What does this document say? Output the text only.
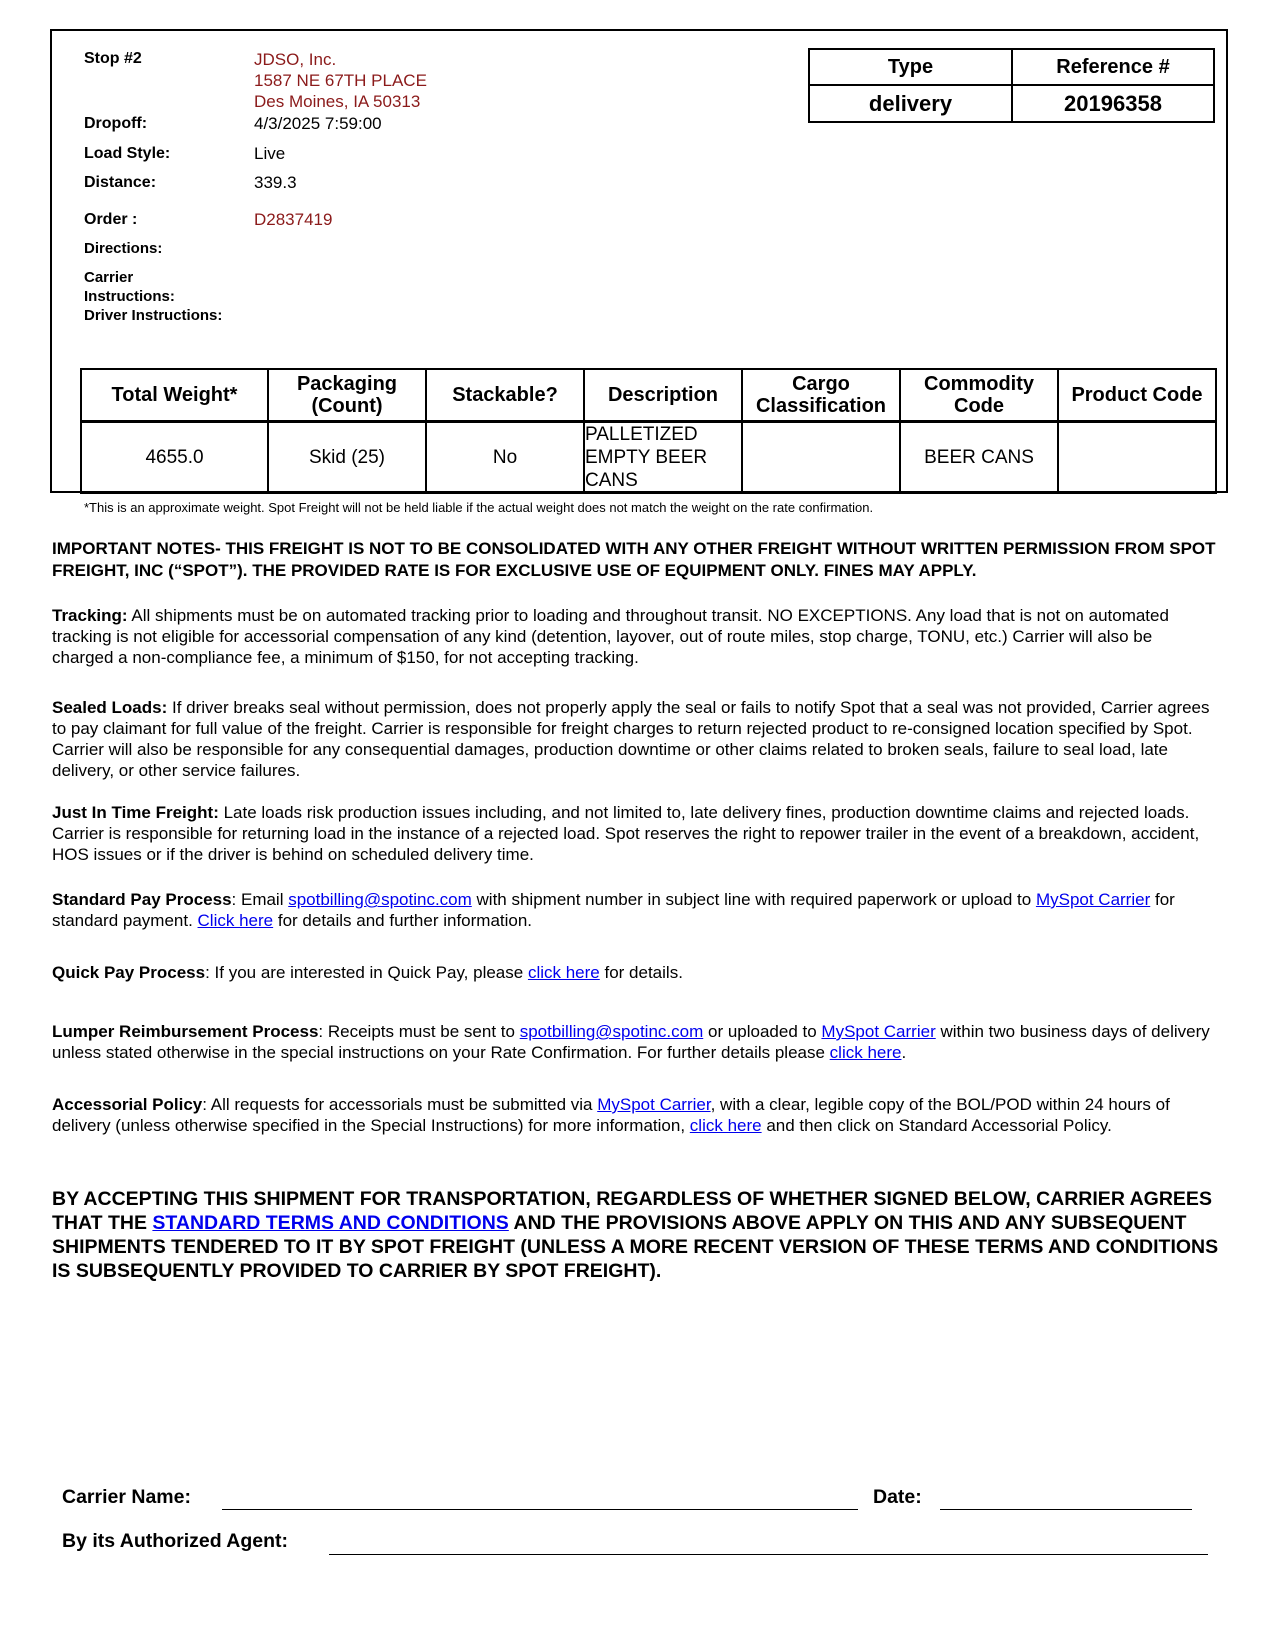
Stop #2	JDSO, Inc.
1587 NE 67TH PLACE
Des Moines, IA 50313
Dropoff:	4/3/2025 7:59:00
Load Style:	Live
Distance:	339.3
Order :	D2837419
Directions:
Carrier
Instructions:
Driver Instructions:
Type	Reference #
delivery	20196358
Total Weight*	Packaging (Count)	Stackable?	Description	Cargo Classification	Commodity Code	Product Code
4655.0	Skid (25)	No	PALLETIZED EMPTY BEER CANS		BEER CANS	
*This is an approximate weight. Spot Freight will not be held liable if the actual weight does not match the weight on the rate confirmation.
IMPORTANT NOTES- THIS FREIGHT IS NOT TO BE CONSOLIDATED WITH ANY OTHER FREIGHT WITHOUT WRITTEN PERMISSION FROM SPOT FREIGHT, INC (“SPOT”). THE PROVIDED RATE IS FOR EXCLUSIVE USE OF EQUIPMENT ONLY. FINES MAY APPLY.
Tracking: All shipments must be on automated tracking prior to loading and throughout transit. NO EXCEPTIONS. Any load that is not on automated tracking is not eligible for accessorial compensation of any kind (detention, layover, out of route miles, stop charge, TONU, etc.) Carrier will also be charged a non-compliance fee, a minimum of $150, for not accepting tracking.
Sealed Loads: If driver breaks seal without permission, does not properly apply the seal or fails to notify Spot that a seal was not provided, Carrier agrees to pay claimant for full value of the freight. Carrier is responsible for freight charges to return rejected product to re-consigned location specified by Spot. Carrier will also be responsible for any consequential damages, production downtime or other claims related to broken seals, failure to seal load, late delivery, or other service failures.
Just In Time Freight: Late loads risk production issues including, and not limited to, late delivery fines, production downtime claims and rejected loads. Carrier is responsible for returning load in the instance of a rejected load. Spot reserves the right to repower trailer in the event of a breakdown, accident, HOS issues or if the driver is behind on scheduled delivery time.
Standard Pay Process: Email spotbilling@spotinc.com with shipment number in subject line with required paperwork or upload to MySpot Carrier for standard payment. Click here for details and further information.
Quick Pay Process: If you are interested in Quick Pay, please click here for details.
Lumper Reimbursement Process: Receipts must be sent to spotbilling@spotinc.com or uploaded to MySpot Carrier within two business days of delivery unless stated otherwise in the special instructions on your Rate Confirmation. For further details please click here.
Accessorial Policy: All requests for accessorials must be submitted via MySpot Carrier, with a clear, legible copy of the BOL/POD within 24 hours of delivery (unless otherwise specified in the Special Instructions) for more information, click here and then click on Standard Accessorial Policy.
BY ACCEPTING THIS SHIPMENT FOR TRANSPORTATION, REGARDLESS OF WHETHER SIGNED BELOW, CARRIER AGREES THAT THE STANDARD TERMS AND CONDITIONS AND THE PROVISIONS ABOVE APPLY ON THIS AND ANY SUBSEQUENT SHIPMENTS TENDERED TO IT BY SPOT FREIGHT (UNLESS A MORE RECENT VERSION OF THESE TERMS AND CONDITIONS IS SUBSEQUENTLY PROVIDED TO CARRIER BY SPOT FREIGHT).
Carrier Name:	Date:
By its Authorized Agent:
